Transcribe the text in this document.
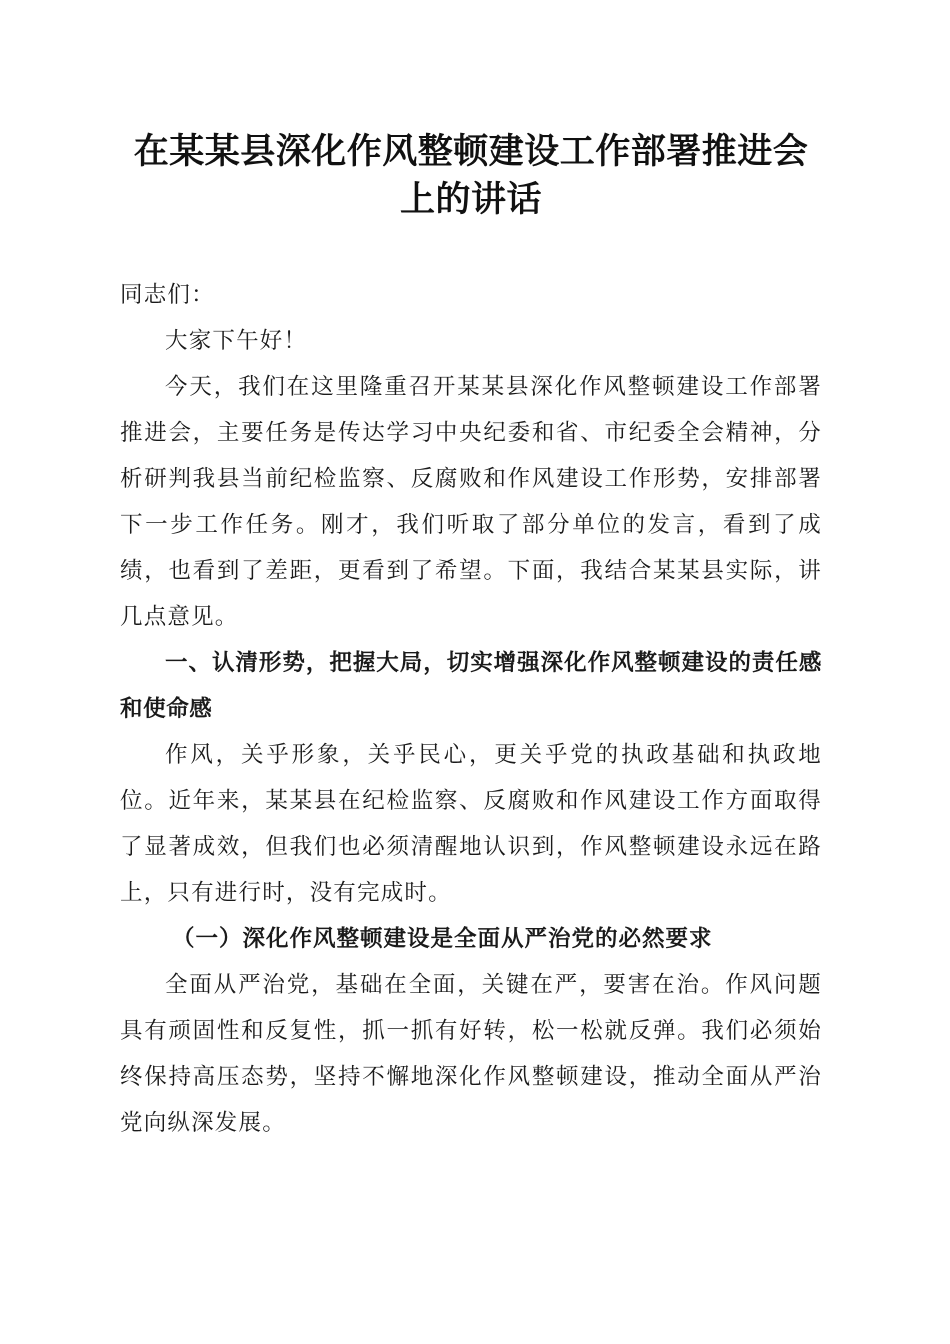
在某某县深化作风整顿建设工作部署推进会上的讲话

同志们：

大家下午好！

今天，我们在这里隆重召开某某县深化作风整顿建设工作部署推进会，主要任务是传达学习中央纪委和省、市纪委全会精神，分析研判我县当前纪检监察、反腐败和作风建设工作形势，安排部署下一步工作任务。刚才，我们听取了部分单位的发言，看到了成绩，也看到了差距，更看到了希望。下面，我结合某某县实际，讲几点意见。

一、认清形势，把握大局，切实增强深化作风整顿建设的责任感和使命感

作风，关乎形象，关乎民心，更关乎党的执政基础和执政地位。近年来，某某县在纪检监察、反腐败和作风建设工作方面取得了显著成效，但我们也必须清醒地认识到，作风整顿建设永远在路上，只有进行时，没有完成时。

（一）深化作风整顿建设是全面从严治党的必然要求

全面从严治党，基础在全面，关键在严，要害在治。作风问题具有顽固性和反复性，抓一抓有好转，松一松就反弹。我们必须始终保持高压态势，坚持不懈地深化作风整顿建设，推动全面从严治党向纵深发展。
